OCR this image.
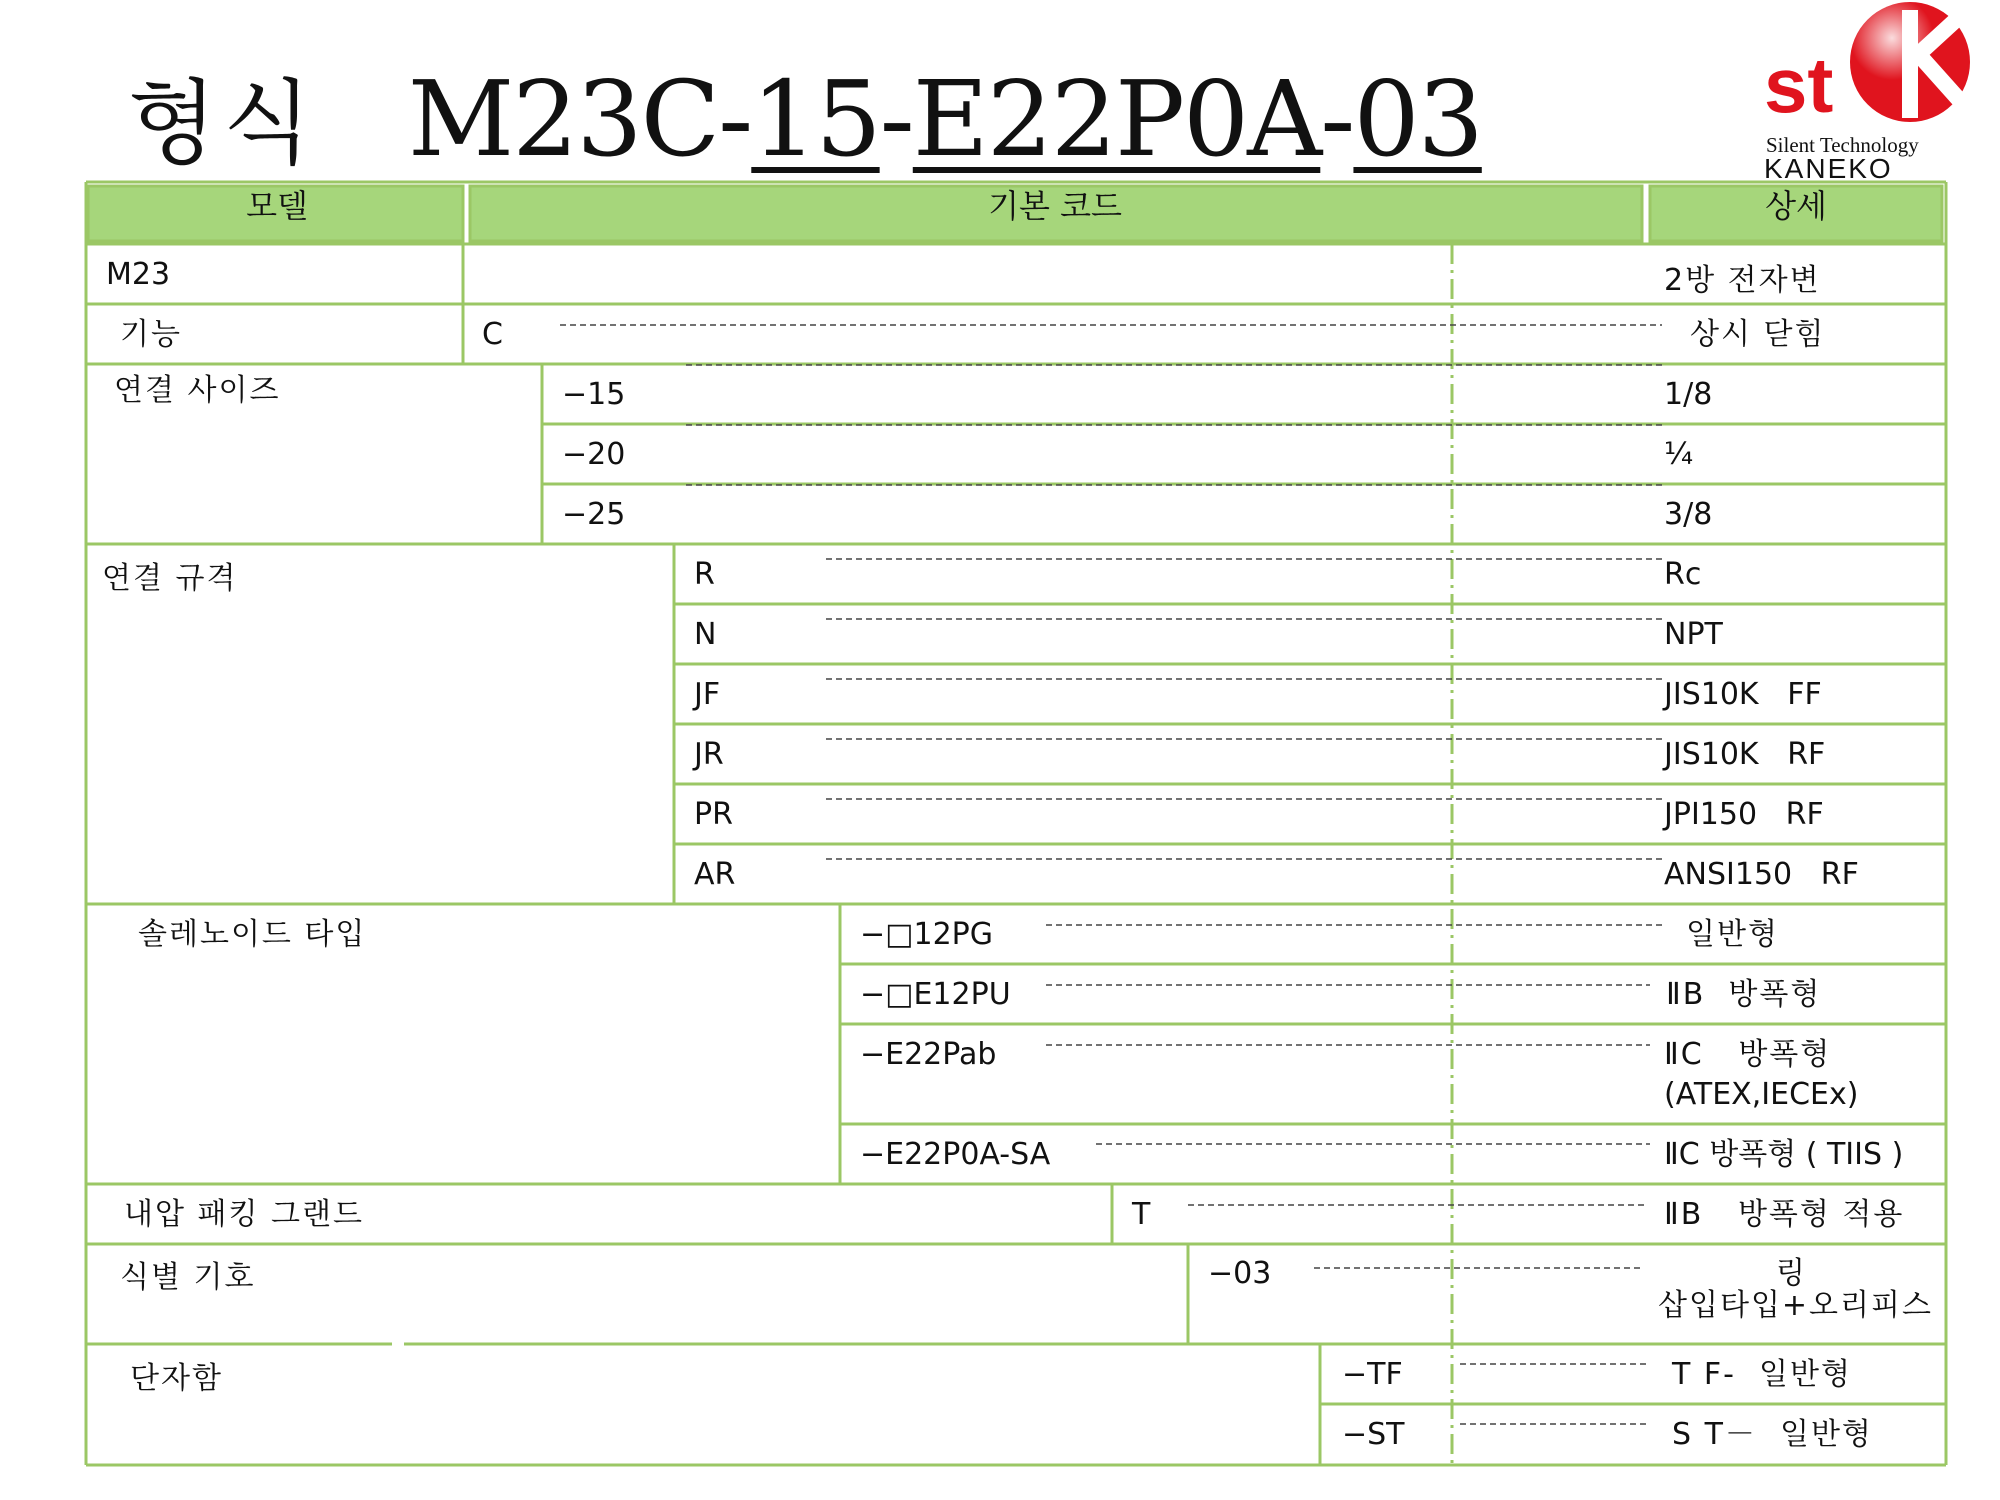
형식 M23C-15-E22P0A-03	st
Silent Technology
KANEKO
모델	기본 코드	상세
M23	2방 전자변
기능	C	상시 닫힘
연결 사이즈	−15	1/8
−20	¼
−25	3/8
연결 규격	R	Rc
N	NPT
JF	JIS10K   FF
JR	JIS10K   RF
PR	JPI150   RF
AR	ANSI150   RF
솔레노이드 타입	−□12PG	일반형
−□E12PU	ⅡB  방폭형
−E22Pab	ⅡC   방폭형
(ATEX,IECEx)
−E22P0A-SA	ⅡC 방폭형 ( TIIS )
내압 패킹 그랜드	T	ⅡB   방폭형 적용
식별 기호	−03	링
삽입타입+오리피스
단자함	−TF	T F‐  일반형
−ST	S T－  일반형
